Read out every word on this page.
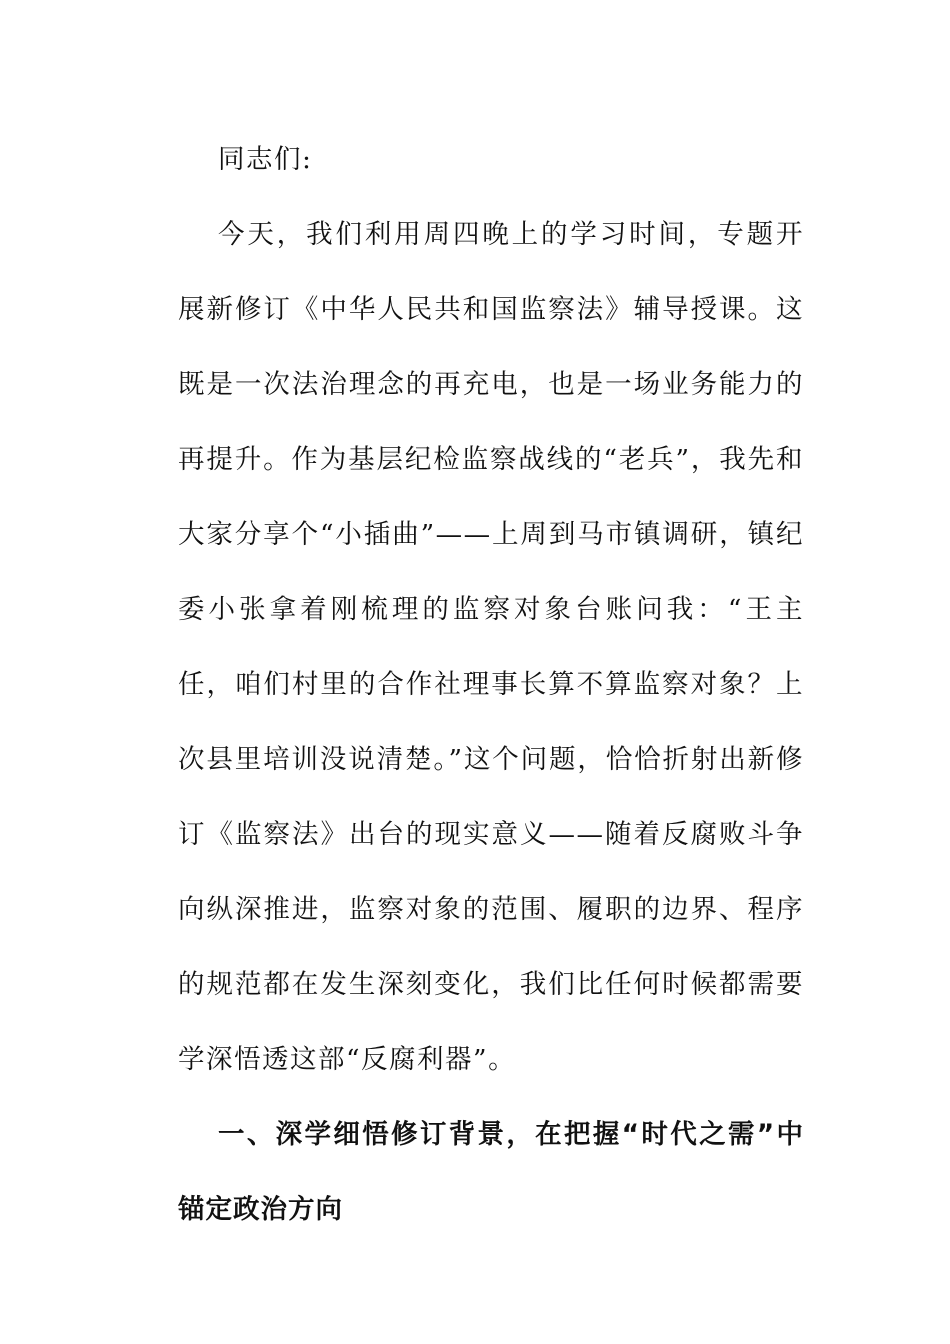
同志们:

今天，我们利用周四晚上的学习时间，专题开展新修订《中华人民共和国监察法》辅导授课。这既是一次法治理念的再充电，也是一场业务能力的再提升。作为基层纪检监察战线的“老兵”，我先和大家分享个“小插曲”——上周到马市镇调研，镇纪委小张拿着刚梳理的监察对象台账问我：“王主任，咱们村里的合作社理事长算不算监察对象？上次县里培训没说清楚。”这个问题，恰恰折射出新修订《监察法》出台的现实意义——随着反腐败斗争向纵深推进，监察对象的范围、履职的边界、程序的规范都在发生深刻变化，我们比任何时候都需要学深悟透这部“反腐利器”。

一、深学细悟修订背景，在把握“时代之需”中锚定政治方向
